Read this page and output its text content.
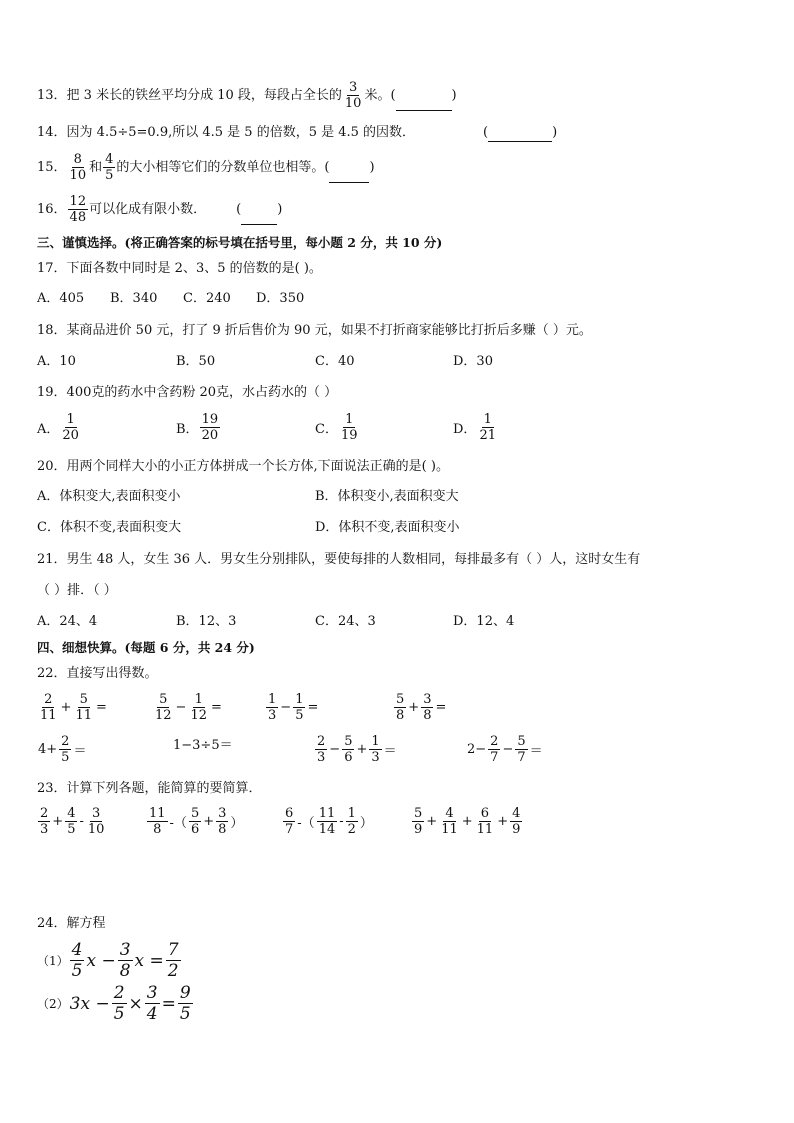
13．把 3 米长的铁丝平均分成 10 段，每段占全长的 $\frac{3}{10}$ 米。(	)
14．因为 4.5÷5=0.9,所以 4.5 是 5 的倍数，5 是 4.5 的因数．	(	)
15． $\frac{8}{10}$ 和 $\frac{4}{5}$ 的大小相等它们的分数单位也相等。(	)
16． $\frac{12}{48}$ 可以化成有限小数． (	)
三、谨慎选择。(将正确答案的标号填在括号里，每小题 2 分，共 10 分)
17．下面各数中同时是 2、3、5 的倍数的是( )。
A．405 B．340 C．240 D．350
18．某商品进价 50 元，打了 9 折后售价为 90 元，如果不打折商家能够比打折后多赚（ ）元。
A．10	B．50	C．40	D．30
19．400克的药水中含药粉 20克，水占药水的（ ）
A． $\frac{1}{20}$	B． $\frac{19}{20}$	C． $\frac{1}{19}$	D． $\frac{1}{21}$
20．用两个同样大小的小正方体拼成一个长方体,下面说法正确的是( )。
A．体积变大,表面积变小	B．体积变小,表面积变大
C．体积不变,表面积变大	D．体积不变,表面积变小
21．男生 48 人，女生 36 人．男女生分别排队，要使每排的人数相同，每排最多有（ ）人，这时女生有
（ ）排．（ ）
A．24、4	B．12、3	C．24、3	D．12、4
四、细想快算。(每题 6 分，共 24 分)
22．直接写出得数。
$\frac{2}{11} + \frac{5}{11}$ =	$\frac{5}{12} - \frac{1}{12}$ =	$\frac{1}{3} - \frac{1}{5}$ =	$\frac{5}{8} + \frac{3}{8}$ =
$4+ \frac{2}{5}$ ＝	1−3÷5＝	$\frac{2}{3} - \frac{5}{6} + \frac{1}{3}$ ＝	$2- \frac{2}{7} - \frac{5}{7}$ ＝
23．计算下列各题，能简算的要简算．
$\frac{2}{3} + \frac{4}{5} - \frac{3}{10}$	$\frac{11}{8}$ -（ $\frac{5}{6} + \frac{3}{8}$ ）	$\frac{6}{7}$ -（ $\frac{11}{14} - \frac{1}{2}$ ）	$\frac{5}{9} + \frac{4}{11} + \frac{6}{11} + \frac{4}{9}$
24．解方程
$(1) \frac{4}{5}$ $x - \frac{3}{8}$ $x = \frac{7}{2}$
（2） $3x - \frac{2}{5} \times \frac{3}{4} = \frac{9}{5}$
